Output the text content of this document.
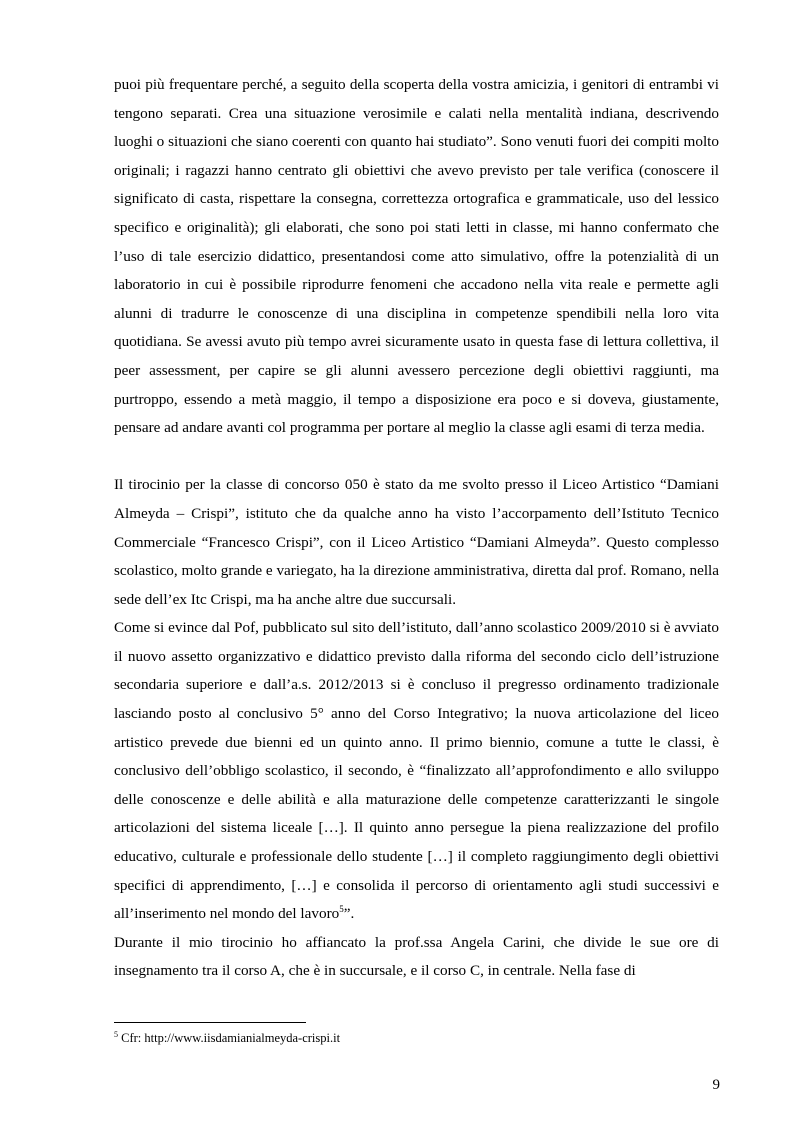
puoi più frequentare perché, a seguito della scoperta della vostra amicizia, i genitori di entrambi vi tengono separati. Crea una situazione verosimile e calati nella mentalità indiana, descrivendo luoghi o situazioni che siano coerenti con quanto hai studiato”. Sono venuti fuori dei compiti molto originali; i ragazzi hanno centrato gli obiettivi che avevo previsto per tale verifica (conoscere il significato di casta, rispettare la consegna, correttezza ortografica e grammaticale, uso del lessico specifico e originalità); gli elaborati, che sono poi stati letti in classe, mi hanno confermato che l’uso di tale esercizio didattico, presentandosi come atto simulativo, offre la potenzialità di un laboratorio in cui è possibile riprodurre fenomeni che accadono nella vita reale e permette agli alunni di tradurre le conoscenze di una disciplina in competenze spendibili nella loro vita quotidiana. Se avessi avuto più tempo avrei sicuramente usato in questa fase di lettura collettiva, il peer assessment, per capire se gli alunni avessero percezione degli obiettivi raggiunti, ma purtroppo, essendo a metà maggio, il tempo a disposizione era poco e si doveva, giustamente, pensare ad andare avanti col programma per portare al meglio la classe agli esami di terza media.

Il tirocinio per la classe di concorso 050 è stato da me svolto presso il Liceo Artistico “Damiani Almeyda – Crispi”, istituto che da qualche anno ha visto l’accorpamento dell’Istituto Tecnico Commerciale “Francesco Crispi”, con il Liceo Artistico “Damiani Almeyda”. Questo complesso scolastico, molto grande e variegato, ha la direzione amministrativa, diretta dal prof. Romano, nella sede dell’ex Itc Crispi, ma ha anche altre due succursali.

Come si evince dal Pof, pubblicato sul sito dell’istituto, dall’anno scolastico 2009/2010 si è avviato il nuovo assetto organizzativo e didattico previsto dalla riforma del secondo ciclo dell’istruzione secondaria superiore e dall’a.s. 2012/2013 si è concluso il pregresso ordinamento tradizionale lasciando posto al conclusivo 5° anno del Corso Integrativo; la nuova articolazione del liceo artistico prevede due bienni ed un quinto anno. Il primo biennio, comune a tutte le classi, è conclusivo dell’obbligo scolastico, il secondo, è “finalizzato all’approfondimento e allo sviluppo delle conoscenze e delle abilità e alla maturazione delle competenze caratterizzanti le singole articolazioni del sistema liceale […]. Il quinto anno persegue la piena realizzazione del profilo educativo, culturale e professionale dello studente […] il completo raggiungimento degli obiettivi specifici di apprendimento, […] e consolida il percorso di orientamento agli studi successivi e all’inserimento nel mondo del lavoro$^5$”.

Durante il mio tirocinio ho affiancato la prof.ssa Angela Carini, che divide le sue ore di insegnamento tra il corso A, che è in succursale, e il corso C, in centrale. Nella fase di

$^5$ Cfr: http://www.iisdamianialmeyda-crispi.it
9
